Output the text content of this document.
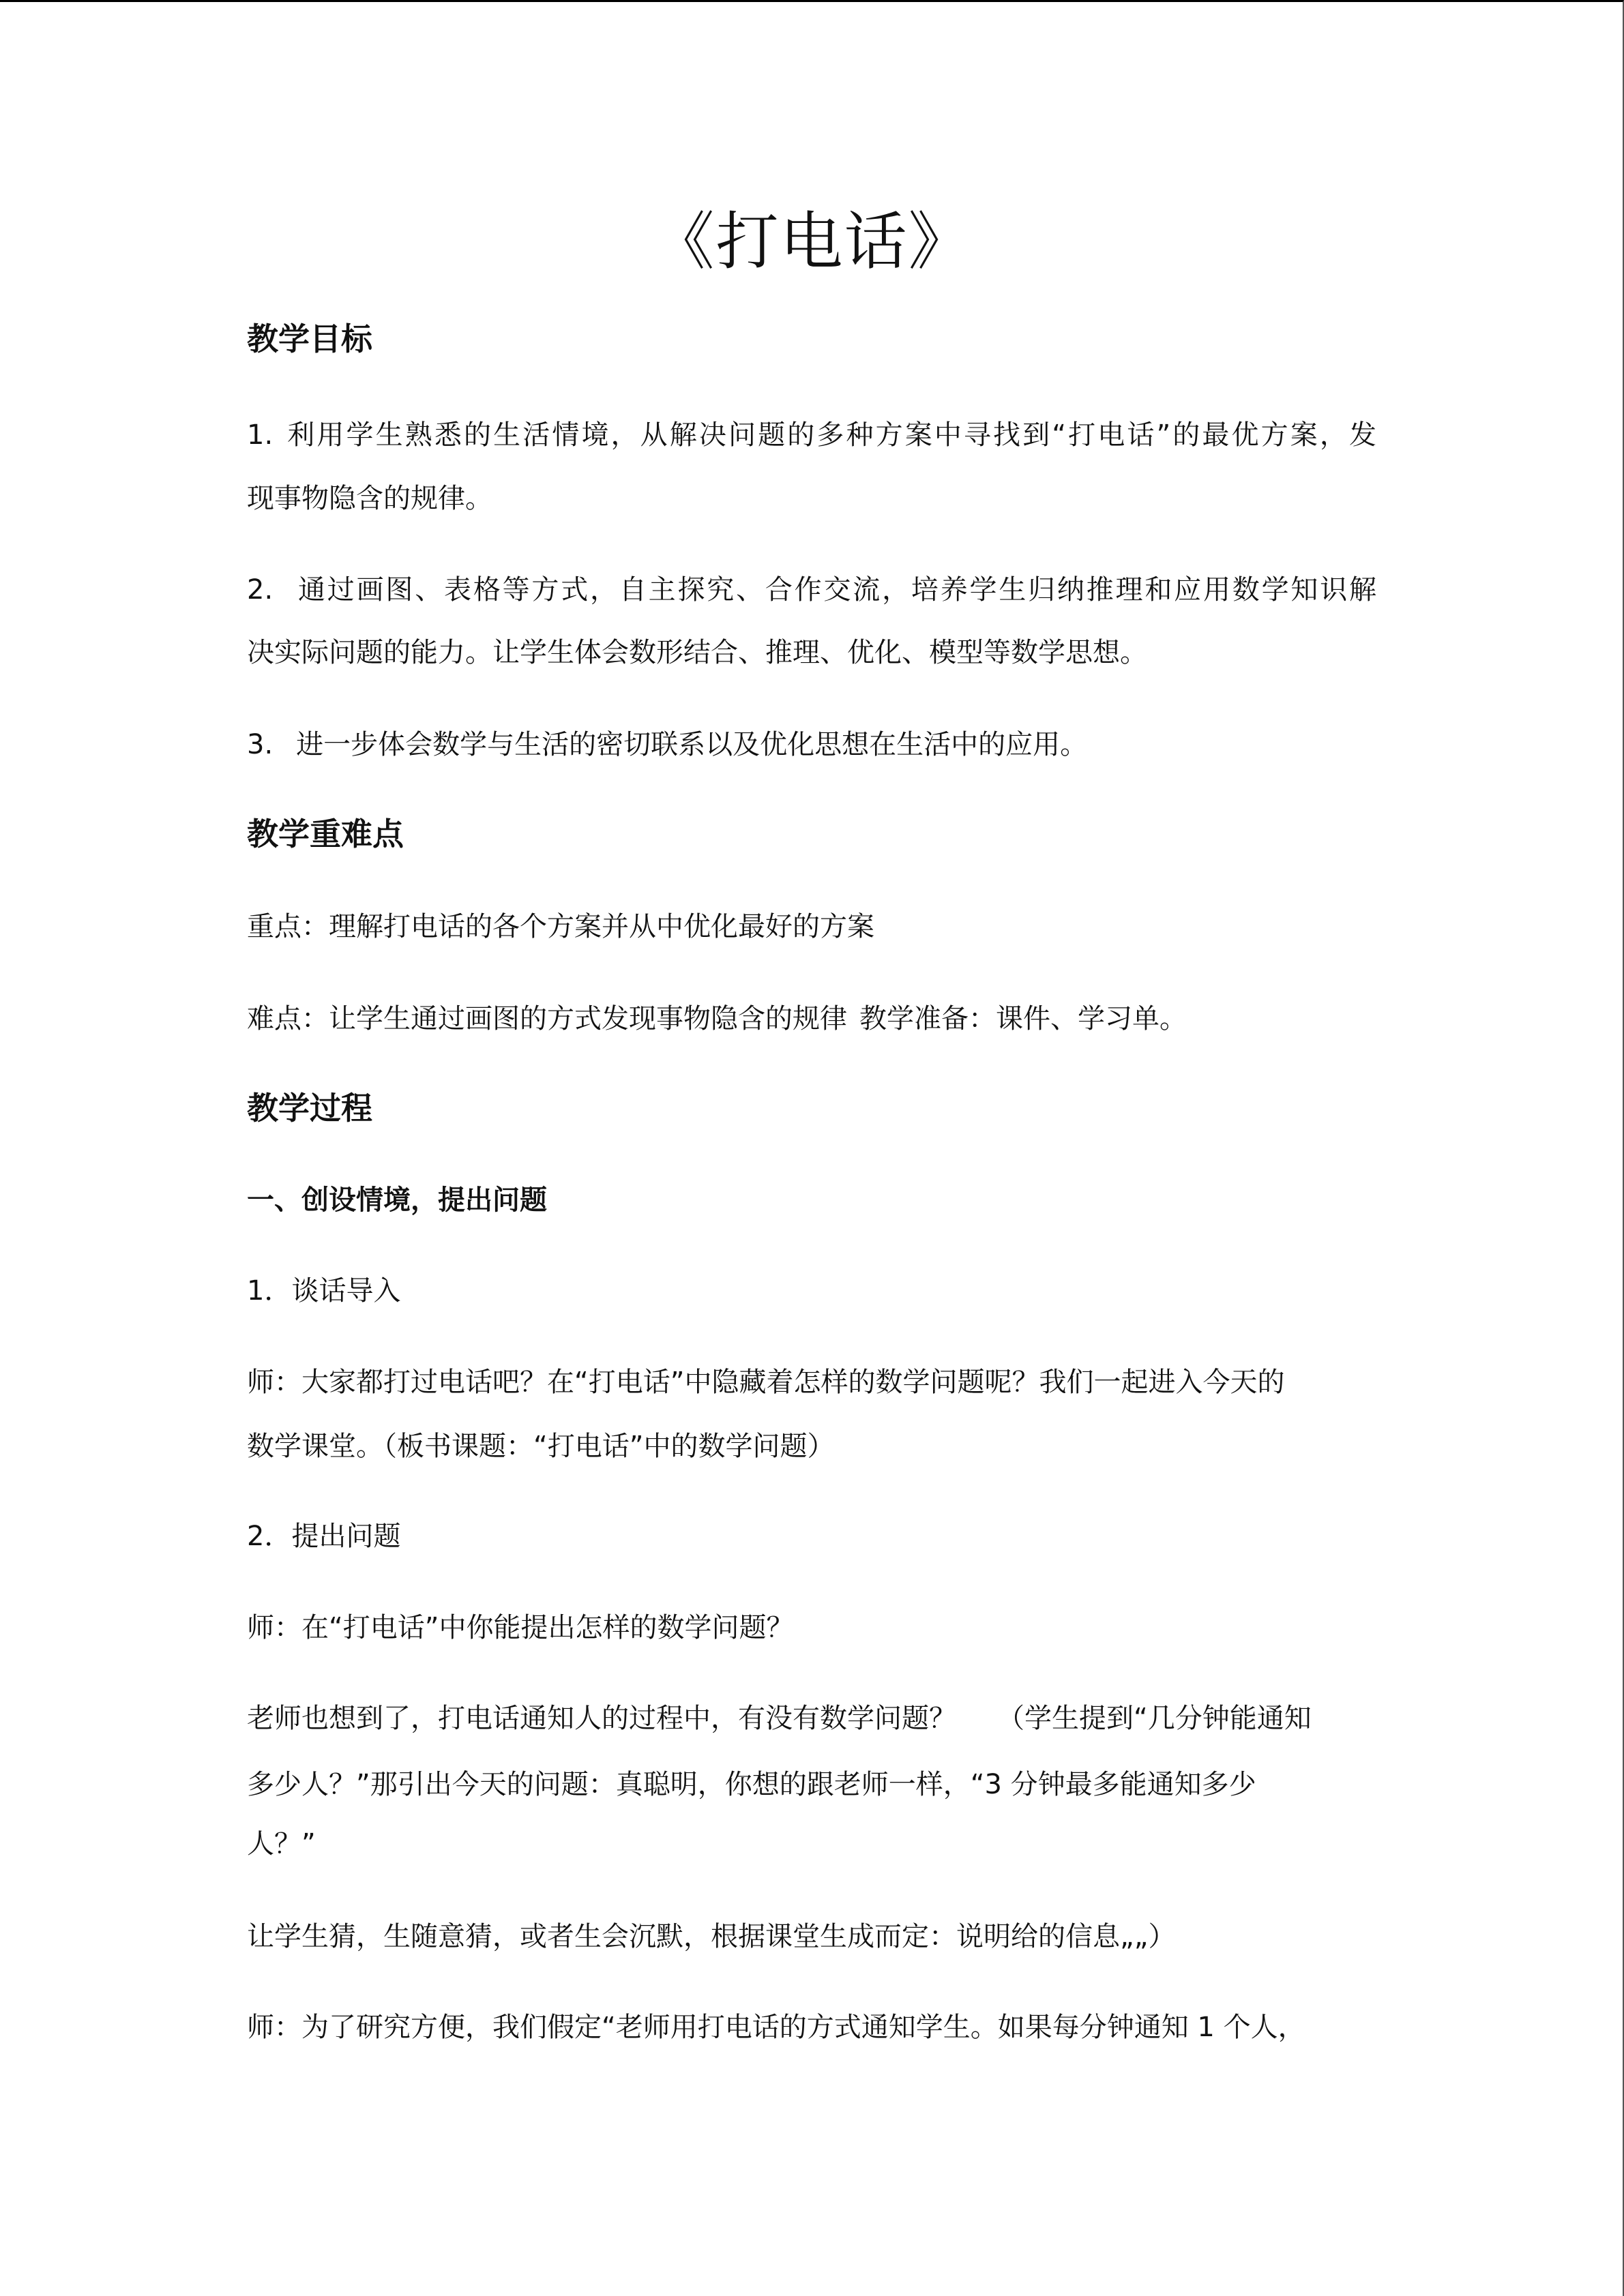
《打电话》
教学目标
1. 利用学生熟悉的生活情境，从解决问题的多种方案中寻找到“打电话”的最优方案，发
现事物隐含的规律。
2. 通过画图、表格等方式，自主探究、合作交流，培养学生归纳推理和应用数学知识解
决实际问题的能力。让学生体会数形结合、推理、优化、模型等数学思想。
3. 进一步体会数学与生活的密切联系以及优化思想在生活中的应用。
教学重难点
重点：理解打电话的各个方案并从中优化最好的方案
难点：让学生通过画图的方式发现事物隐含的规律 教学准备：课件、学习单。
教学过程
一、创设情境，提出问题
1．谈话导入
师：大家都打过电话吧？在“打电话”中隐藏着怎样的数学问题呢？我们一起进入今天的
数学课堂。（板书课题：“打电话”中的数学问题）
2．提出问题
师：在“打电话”中你能提出怎样的数学问题？
老师也想到了，打电话通知人的过程中，有没有数学问题？ （学生提到“几分钟能通知
多少人？”那引出今天的问题：真聪明，你想的跟老师一样，“3 分钟最多能通知多少
人？”
让学生猜，生随意猜，或者生会沉默，根据课堂生成而定：说明给的信息„„）
师：为了研究方便，我们假定“老师用打电话的方式通知学生。如果每分钟通知 1 个人，
